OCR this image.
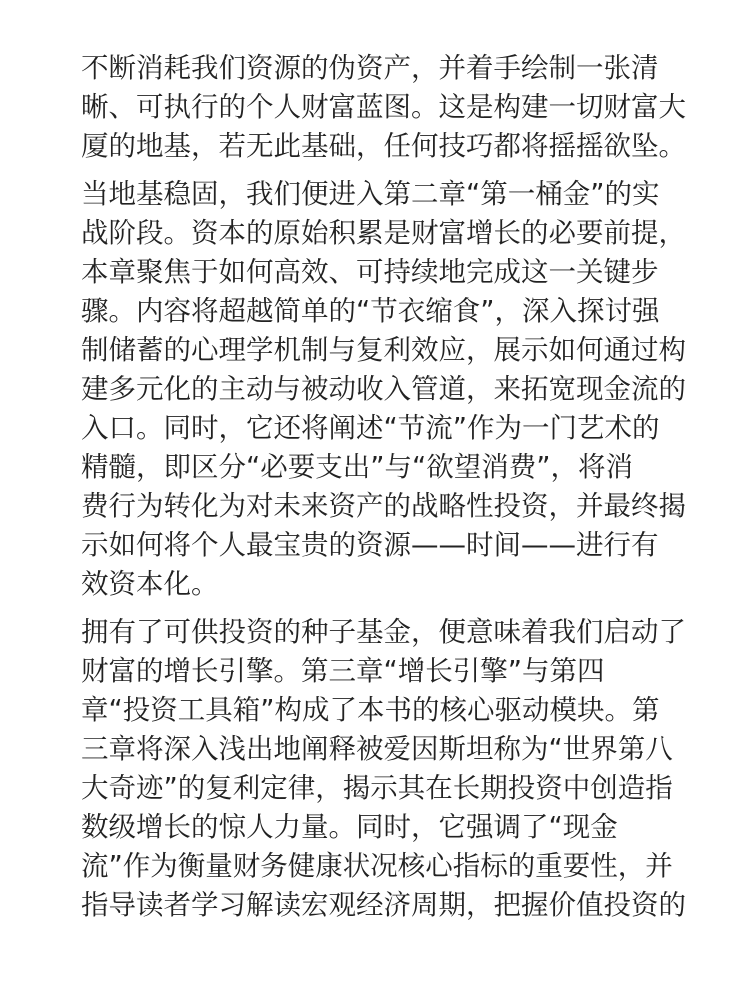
不断消耗我们资源的伪资产，并着手绘制一张清
晰、可执行的个人财富蓝图。这是构建一切财富大
厦的地基，若无此基础，任何技巧都将摇摇欲坠。
当地基稳固，我们便进入第二章“第一桶金”的实
战阶段。资本的原始积累是财富增长的必要前提，
本章聚焦于如何高效、可持续地完成这一关键步
骤。内容将超越简单的“节衣缩食”，深入探讨强
制储蓄的心理学机制与复利效应，展示如何通过构
建多元化的主动与被动收入管道，来拓宽现金流的
入口。同时，它还将阐述“节流”作为一门艺术的
精髓，即区分“必要支出”与“欲望消费”，将消
费行为转化为对未来资产的战略性投资，并最终揭
示如何将个人最宝贵的资源——时间——进行有
效资本化。
拥有了可供投资的种子基金，便意味着我们启动了
财富的增长引擎。第三章“增长引擎”与第四
章“投资工具箱”构成了本书的核心驱动模块。第
三章将深入浅出地阐释被爱因斯坦称为“世界第八
大奇迹”的复利定律，揭示其在长期投资中创造指
数级增长的惊人力量。同时，它强调了“现金
流”作为衡量财务健康状况核心指标的重要性，并
指导读者学习解读宏观经济周期，把握价值投资的
